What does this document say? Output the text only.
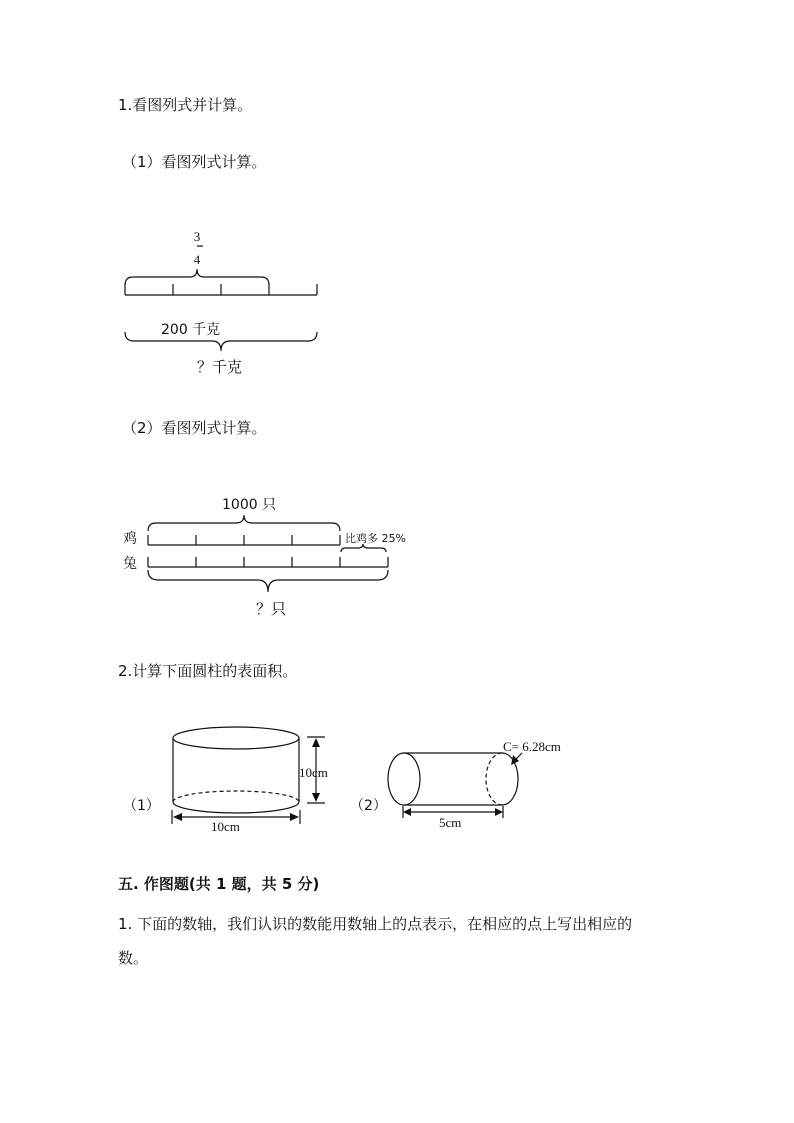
1.看图列式并计算。
（1）看图列式计算。
3
4
200 千克
？千克
（2）看图列式计算。
1000 只
鸡
兔
比鸡多 25%
？只
2.计算下面圆柱的表面积。
（1）
10cm
10cm
（2）
C= 6.28cm
5cm
五. 作图题(共 1 题，共 5 分)
1. 下面的数轴，我们认识的数能用数轴上的点表示，在相应的点上写出相应的
数。
